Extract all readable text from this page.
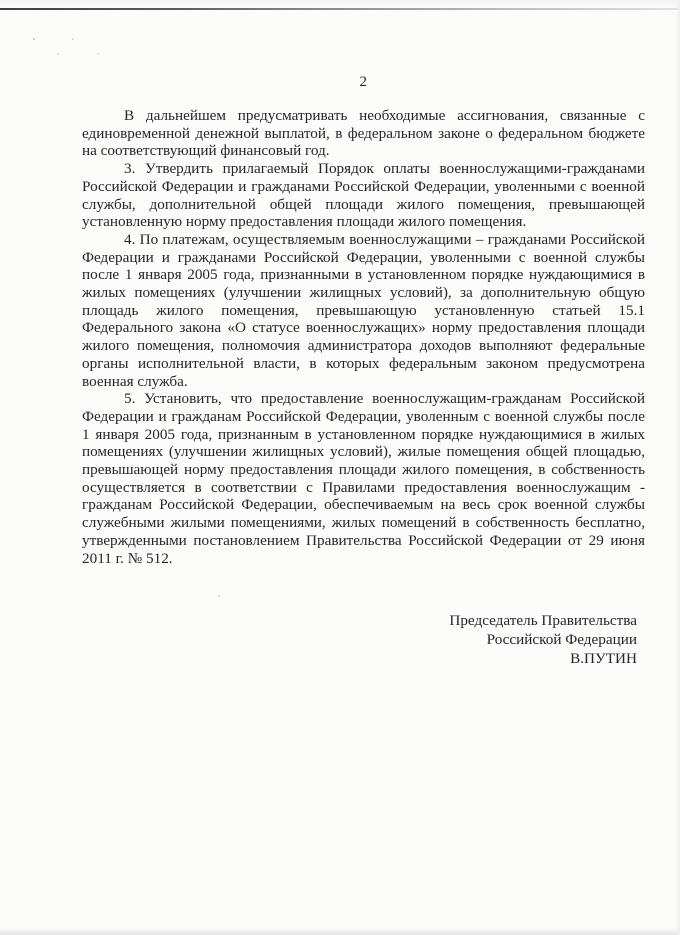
2

В дальнейшем предусматривать необходимые ассигнования, связанные с единовременной денежной выплатой, в федеральном законе о федеральном бюджете на соответствующий финансовый год.

3. Утвердить прилагаемый Порядок оплаты военнослужащими-гражданами Российской Федерации и гражданами Российской Федерации, уволенными с военной службы, дополнительной общей площади жилого помещения, превышающей установленную норму предоставления площади жилого помещения.

4. По платежам, осуществляемым военнослужащими – гражданами Российской Федерации и гражданами Российской Федерации, уволенными с военной службы после 1 января 2005 года, признанными в установленном порядке нуждающимися в жилых помещениях (улучшении жилищных условий), за дополнительную общую площадь жилого помещения, превышающую установленную статьей 15.1 Федерального закона «О статусе военнослужащих» норму предоставления площади жилого помещения, полномочия администратора доходов выполняют федеральные органы исполнительной власти, в которых федеральным законом предусмотрена военная служба.

5. Установить, что предоставление военнослужащим-гражданам Российской Федерации и гражданам Российской Федерации, уволенным с военной службы после 1 января 2005 года, признанным в установленном порядке нуждающимися в жилых помещениях (улучшении жилищных условий), жилые помещения общей площадью, превышающей норму предоставления площади жилого помещения, в собственность осуществляется в соответствии с Правилами предоставления военнослужащим - гражданам Российской Федерации, обеспечиваемым на весь срок военной службы служебными жилыми помещениями, жилых помещений в собственность бесплатно, утвержденными постановлением Правительства Российской Федерации от 29 июня 2011 г. № 512.

Председатель Правительства
Российской Федерации
В.ПУТИН
